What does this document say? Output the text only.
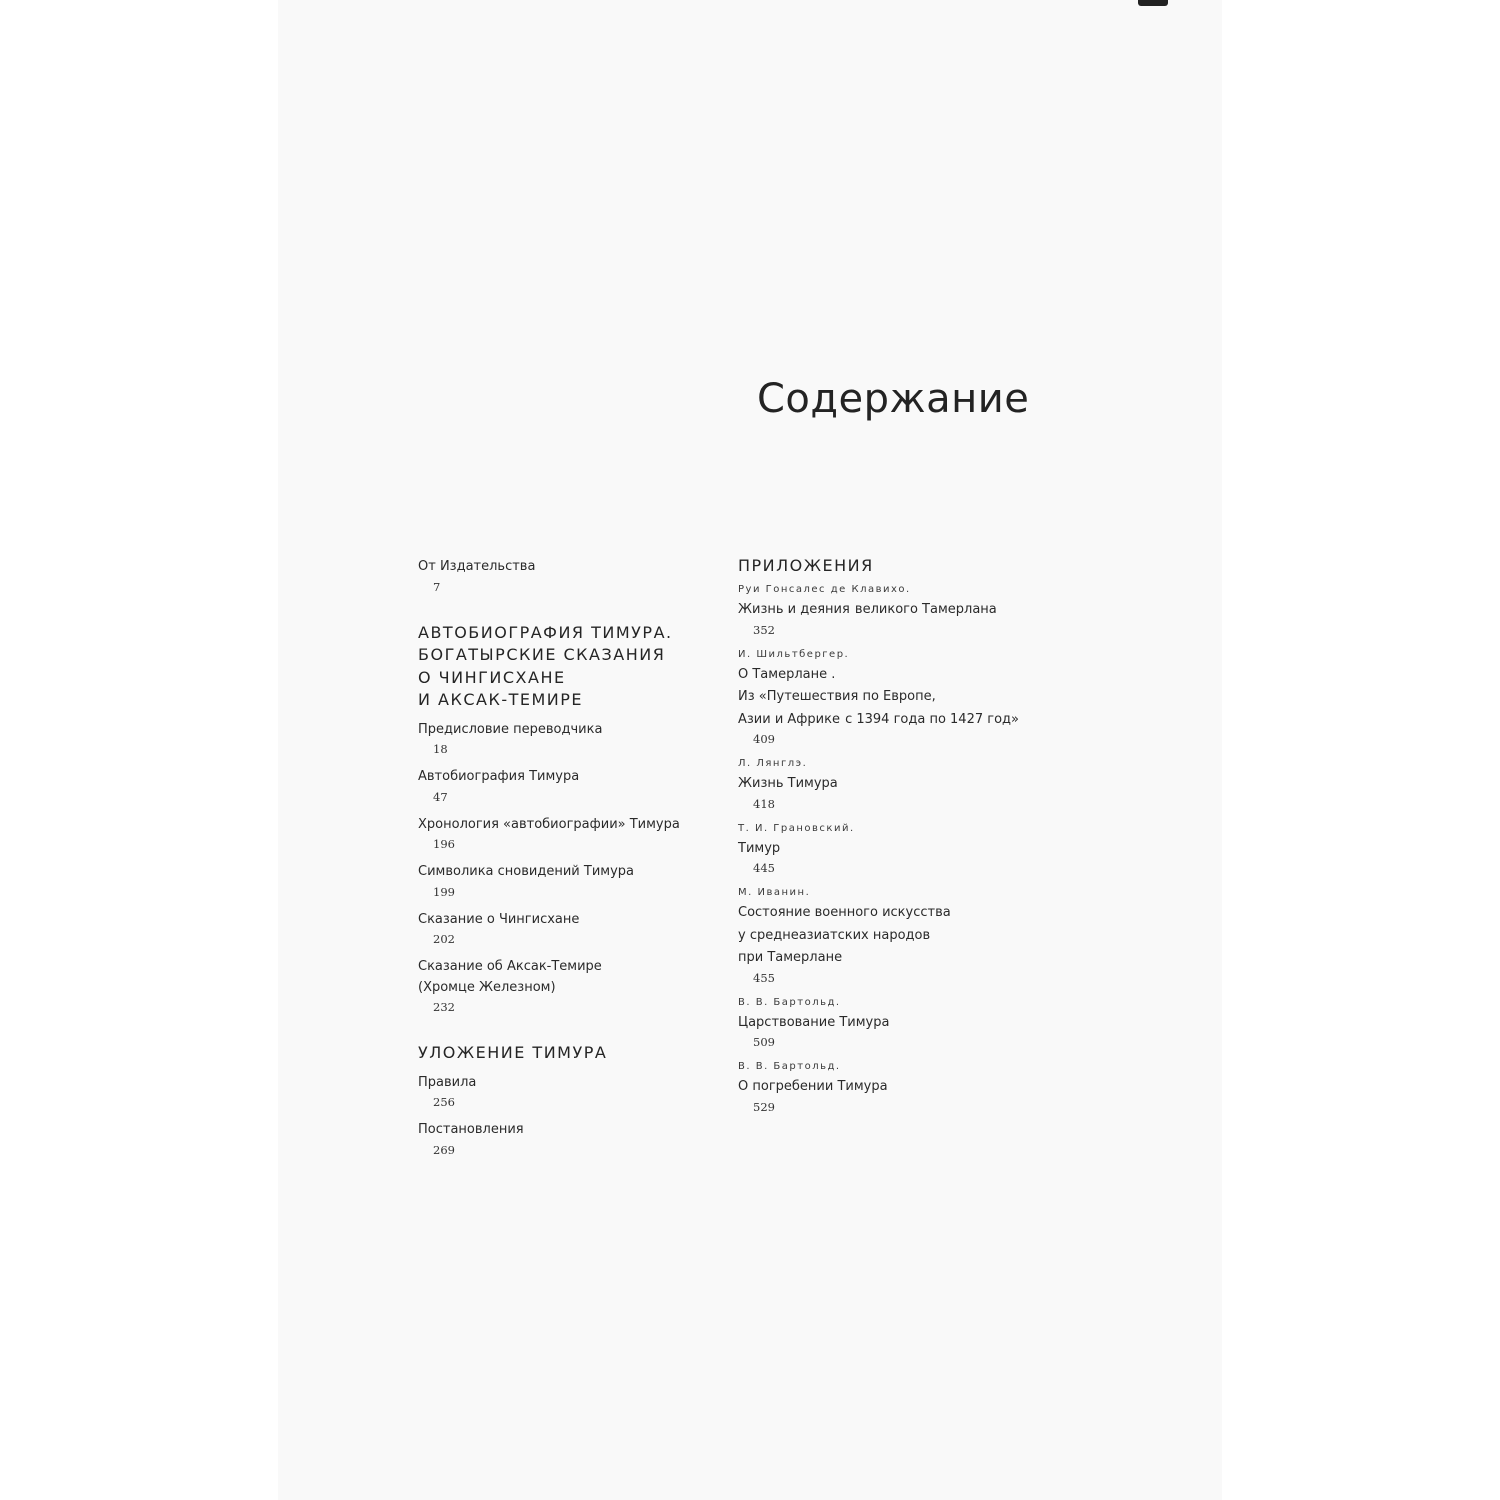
Содержание
От Издательства
7
АВТОБИОГРАФИЯ ТИМУРА.
БОГАТЫРСКИЕ СКАЗАНИЯ
О ЧИНГИСХАНЕ
И АКСАК-ТЕМИРЕ
Предисловие переводчика
18
Автобиография Тимура
47
Хронология «автобиографии» Тимура
196
Символика сновидений Тимура
199
Сказание о Чингисхане
202
Сказание об Аксак-Темире
(Хромце Железном)
232
УЛОЖЕНИЕ ТИМУРА
Правила
256
Постановления
269
ПРИЛОЖЕНИЯ
Руи Гонсалес де Клавихо.
Жизнь и деяния великого Тамерлана
352
И. Шильтбергер.
О Тамерлане . Из «Путешествия по Европе, Азии и Африке с 1394 года по 1427 год»
409
Л. Лянглэ.
Жизнь Тимура
418
Т. И. Грановский.
Тимур
445
М. Иванин.
Состояние военного искусства у среднеазиатских народов при Тамерлане
455
В. В. Бартольд.
Царствование Тимура
509
В. В. Бартольд.
О погребении Тимура
529
